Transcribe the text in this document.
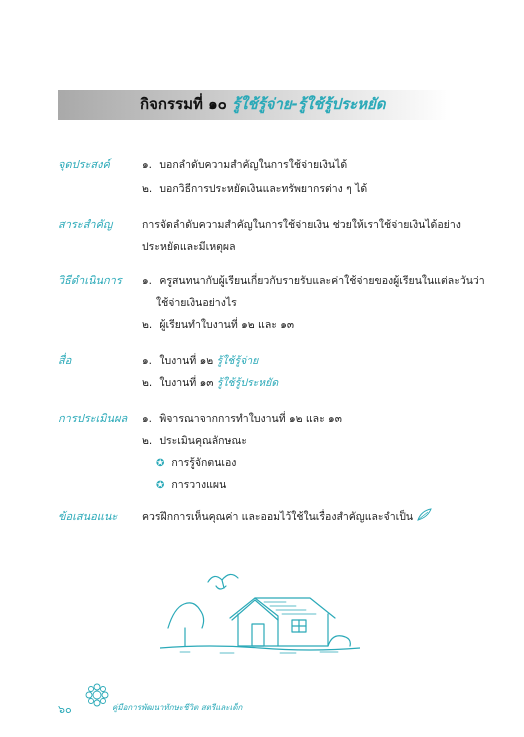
กิจกรรมที่ ๑๐ รู้ใช้รู้จ่าย-รู้ใช้รู้ประหยัด
จุดประสงค์	๑. บอกลำดับความสำคัญในการใช้จ่ายเงินได้
๒. บอกวิธีการประหยัดเงินและทรัพยากรต่าง ๆ ได้
สาระสำคัญ	การจัดลำดับความสำคัญในการใช้จ่ายเงิน ช่วยให้เราใช้จ่ายเงินได้อย่าง
ประหยัดและมีเหตุผล
วิธีดำเนินการ ๑. ครูสนทนากับผู้เรียนเกี่ยวกับรายรับและค่าใช้จ่ายของผู้เรียนในแต่ละวันว่า
ใช้จ่ายเงินอย่างไร
๒. ผู้เรียนทำใบงานที่ ๑๒ และ ๑๓
สื่อ	๑. ใบงานที่ ๑๒ รู้ใช้รู้จ่าย
๒. ใบงานที่ ๑๓ รู้ใช้รู้ประหยัด
การประเมินผล ๑. พิจารณาจากการทำใบงานที่ ๑๒ และ ๑๓
๒. ประเมินคุณลักษณะ
✪ การรู้จักตนเอง
✪ การวางแผน
ข้อเสนอแนะ ควรฝึกการเห็นคุณค่า และออมไว้ใช้ในเรื่องสำคัญและจำเป็น
๖๐	คู่มือการพัฒนาทักษะชีวิต สตรีและเด็ก
